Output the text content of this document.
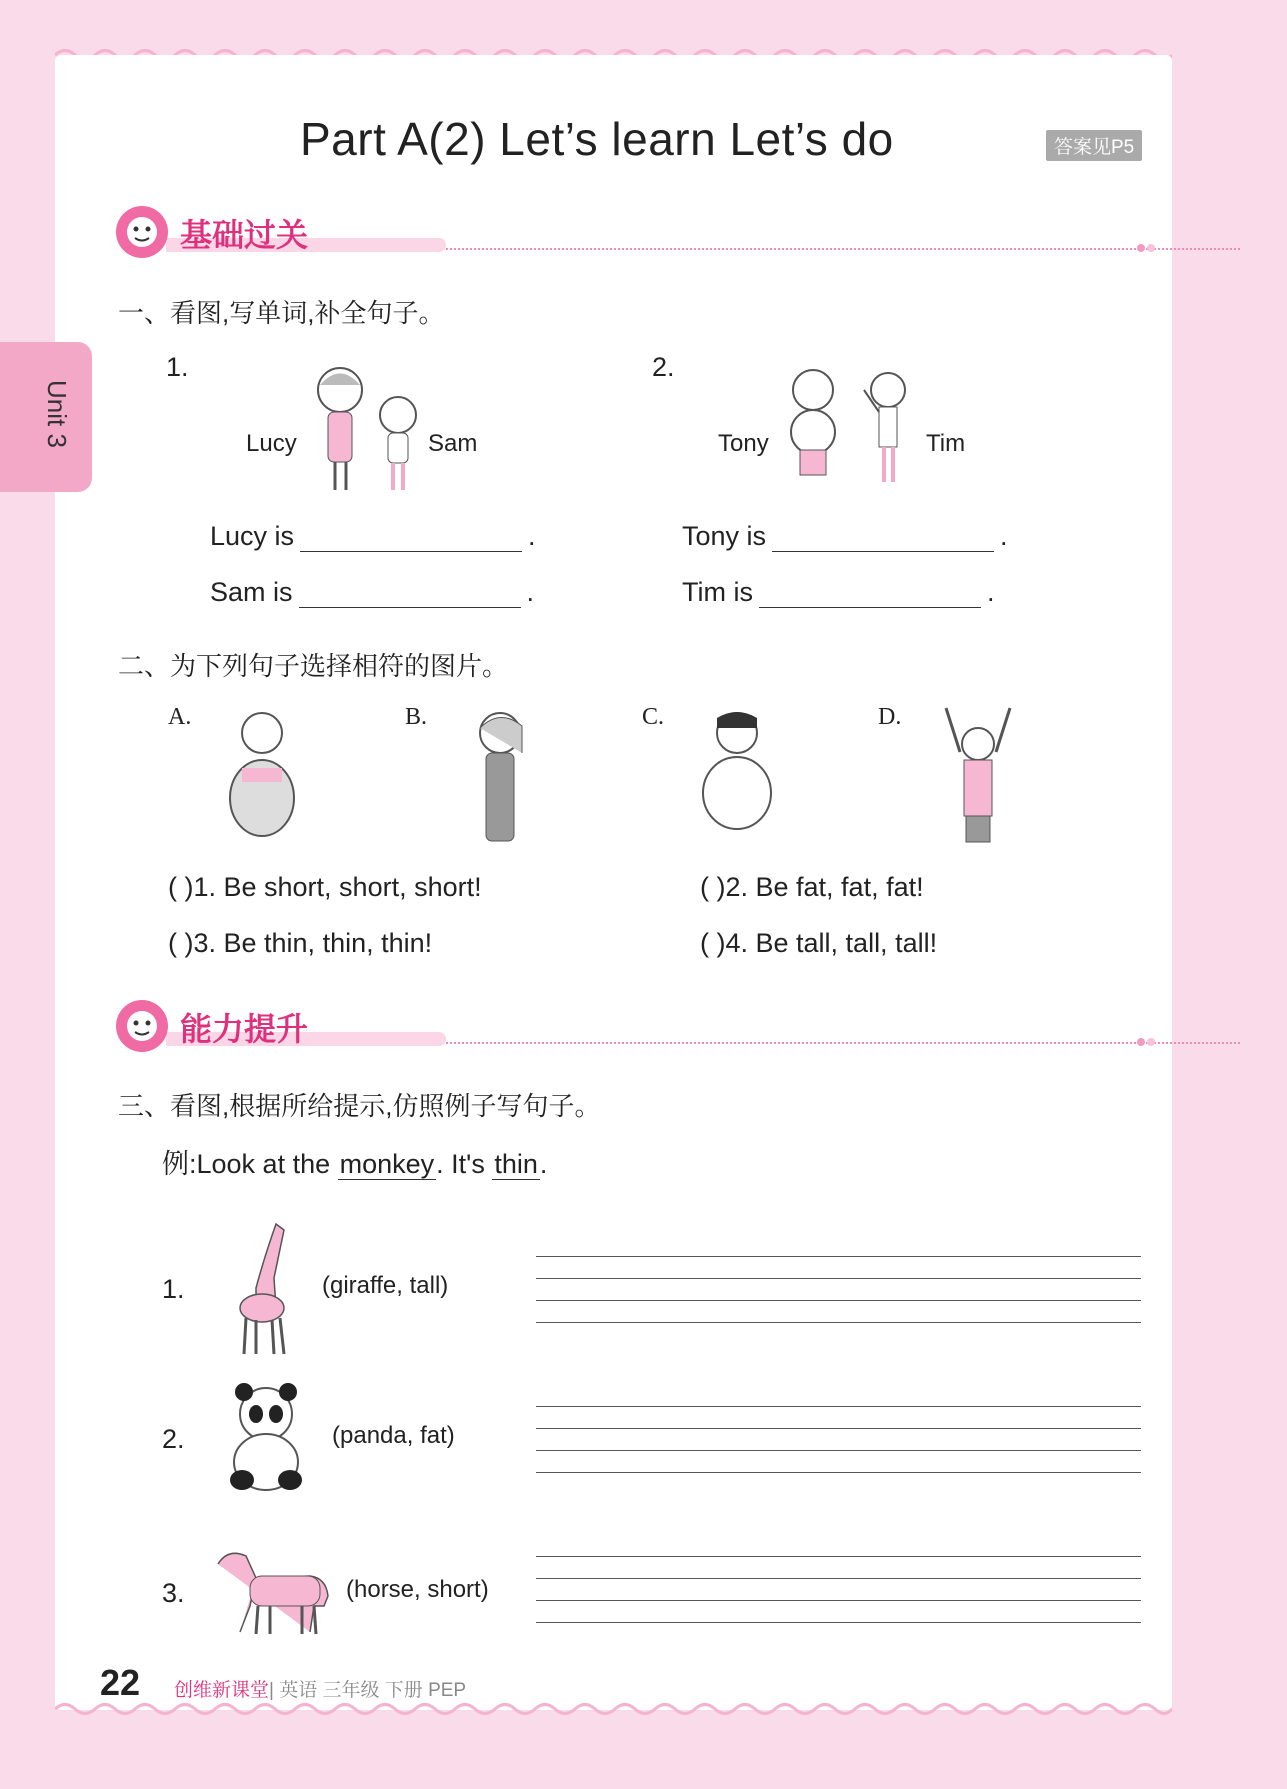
Unit 3
Part A(2) Let’s learn Let’s do	答案见P5
基础过关
一、看图,写单词,补全句子。
1.	2.
Lucy	Sam	Tony	Tim
Lucy is	.
Sam is	.
Tony is	.
Tim is	.
二、为下列句子选择相符的图片。
A.	B.	C.	D.
( )1. Be short, short, short!	( )2. Be fat, fat, fat!
( )3. Be thin, thin, thin!	( )4. Be tall, tall, tall!
能力提升
三、看图,根据所给提示,仿照例子写句子。
例:Look at the monkey. It's thin.
1.	(giraffe, tall)
2.	(panda, fat)
3.	(horse, short)
22 创维新课堂| 英语 三年级 下册 PEP
